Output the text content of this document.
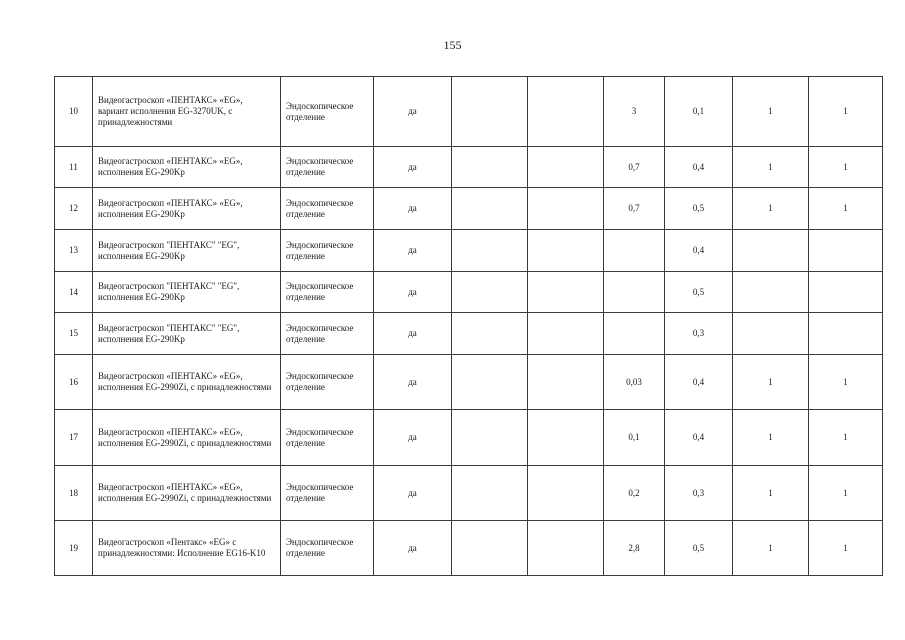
155
10	Видеогастроскоп «ПЕНТАКС» «EG», вариант исполнения EG-3270UK, с принадлежностями	Эндоскопическое отделение	да			3	0,1	1	1
11	Видеогастроскоп «ПЕНТАКС» «EG», исполнения EG-290Kp	Эндоскопическое отделение	да			0,7	0,4	1	1
12	Видеогастроскоп «ПЕНТАКС» «EG», исполнения EG-290Kp	Эндоскопическое отделение	да			0,7	0,5	1	1
13	Видеогастроскоп "ПЕНТАКС" "EG", исполнения EG-290Kp	Эндоскопическое отделение	да				0,4		
14	Видеогастроскоп "ПЕНТАКС" "EG", исполнения EG-290Kp	Эндоскопическое отделение	да				0,5		
15	Видеогастроскоп "ПЕНТАКС" "EG", исполнения EG-290Kp	Эндоскопическое отделение	да				0,3		
16	Видеогастроскоп «ПЕНТАКС» «EG», исполнения EG-2990Zi, с принадлежностями	Эндоскопическое отделение	да			0,03	0,4	1	1
17	Видеогастроскоп «ПЕНТАКС» «EG», исполнения EG-2990Zi, с принадлежностями	Эндоскопическое отделение	да			0,1	0,4	1	1
18	Видеогастроскоп «ПЕНТАКС» «EG», исполнения EG-2990Zi, с принадлежностями	Эндоскопическое отделение	да			0,2	0,3	1	1
19	Видеогастроскоп «Пентакс» «EG» с принадлежностями: Исполнение EG16-K10	Эндоскопическое отделение	да			2,8	0,5	1	1
